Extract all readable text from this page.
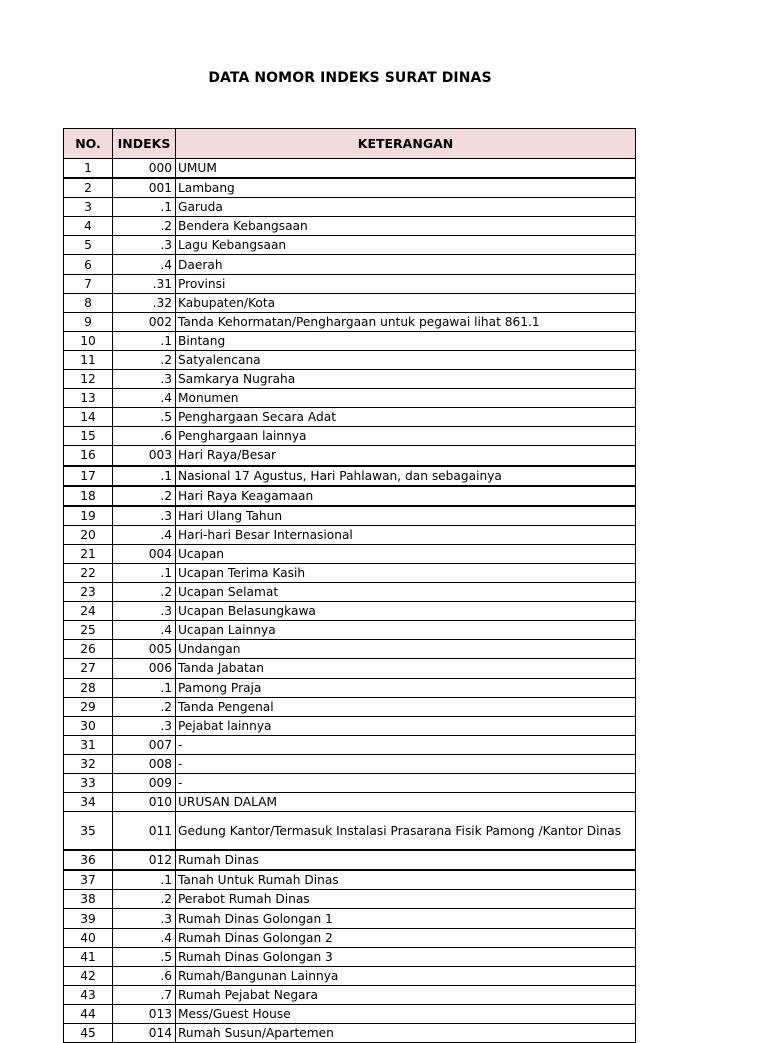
DATA NOMOR INDEKS SURAT DINAS
NO.	INDEKS	KETERANGAN
1	000	UMUM
2	001	Lambang
3	.1	Garuda
4	.2	Bendera Kebangsaan
5	.3	Lagu Kebangsaan
6	.4	Daerah
7	.31	Provinsi
8	.32	Kabupaten/Kota
9	002	Tanda Kehormatan/Penghargaan untuk pegawai lihat 861.1
10	.1	Bintang
11	.2	Satyalencana
12	.3	Samkarya Nugraha
13	.4	Monumen
14	.5	Penghargaan Secara Adat
15	.6	Penghargaan lainnya
16	003	Hari Raya/Besar
17	.1	Nasional 17 Agustus, Hari Pahlawan, dan sebagainya
18	.2	Hari Raya Keagamaan
19	.3	Hari Ulang Tahun
20	.4	Hari-hari Besar Internasional
21	004	Ucapan
22	.1	Ucapan Terima Kasih
23	.2	Ucapan Selamat
24	.3	Ucapan Belasungkawa
25	.4	Ucapan Lainnya
26	005	Undangan
27	006	Tanda Jabatan
28	.1	Pamong Praja
29	.2	Tanda Pengenal
30	.3	Pejabat lainnya
31	007	-
32	008	-
33	009	-
34	010	URUSAN DALAM
35	011	Gedung Kantor/Termasuk Instalasi Prasarana Fisik Pamong /Kantor Dinas
36	012	Rumah Dinas
37	.1	Tanah Untuk Rumah Dinas
38	.2	Perabot Rumah Dinas
39	.3	Rumah Dinas Golongan 1
40	.4	Rumah Dinas Golongan 2
41	.5	Rumah Dinas Golongan 3
42	.6	Rumah/Bangunan Lainnya
43	.7	Rumah Pejabat Negara
44	013	Mess/Guest House
45	014	Rumah Susun/Apartemen
